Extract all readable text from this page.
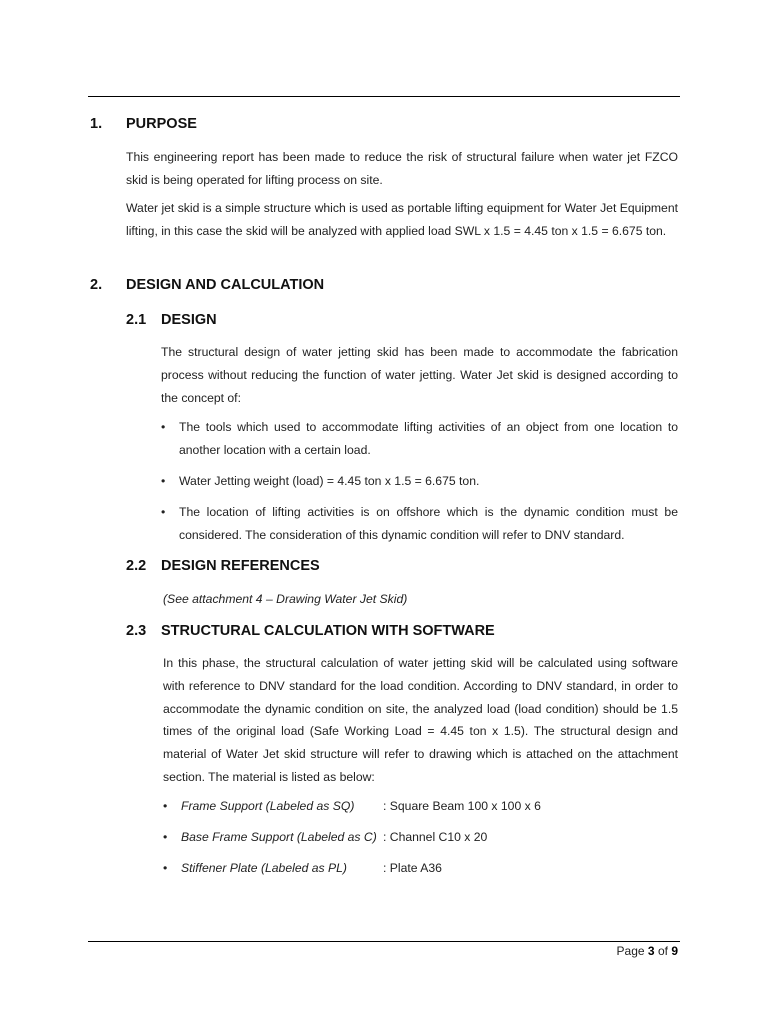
1. PURPOSE
This engineering report has been made to reduce the risk of structural failure when water jet FZCO skid is being operated for lifting process on site.
Water jet skid is a simple structure which is used as portable lifting equipment for Water Jet Equipment lifting, in this case the skid will be analyzed with applied load SWL x 1.5 = 4.45 ton x 1.5 = 6.675 ton.
2. DESIGN AND CALCULATION
2.1 DESIGN
The structural design of water jetting skid has been made to accommodate the fabrication process without reducing the function of water jetting. Water Jet skid is designed according to the concept of:
• The tools which used to accommodate lifting activities of an object from one location to another location with a certain load.
• Water Jetting weight (load) = 4.45 ton x 1.5 = 6.675 ton.
• The location of lifting activities is on offshore which is the dynamic condition must be considered. The consideration of this dynamic condition will refer to DNV standard.
2.2 DESIGN REFERENCES
(See attachment 4 – Drawing Water Jet Skid)
2.3 STRUCTURAL CALCULATION WITH SOFTWARE
In this phase, the structural calculation of water jetting skid will be calculated using software with reference to DNV standard for the load condition. According to DNV standard, in order to accommodate the dynamic condition on site, the analyzed load (load condition) should be 1.5 times of the original load (Safe Working Load = 4.45 ton x 1.5). The structural design and material of Water Jet skid structure will refer to drawing which is attached on the attachment section. The material is listed as below:
• Frame Support (Labeled as SQ) : Square Beam 100 x 100 x 6
• Base Frame Support (Labeled as C) : Channel C10 x 20
• Stiffener Plate (Labeled as PL)	: Plate A36
Page 3 of 9
